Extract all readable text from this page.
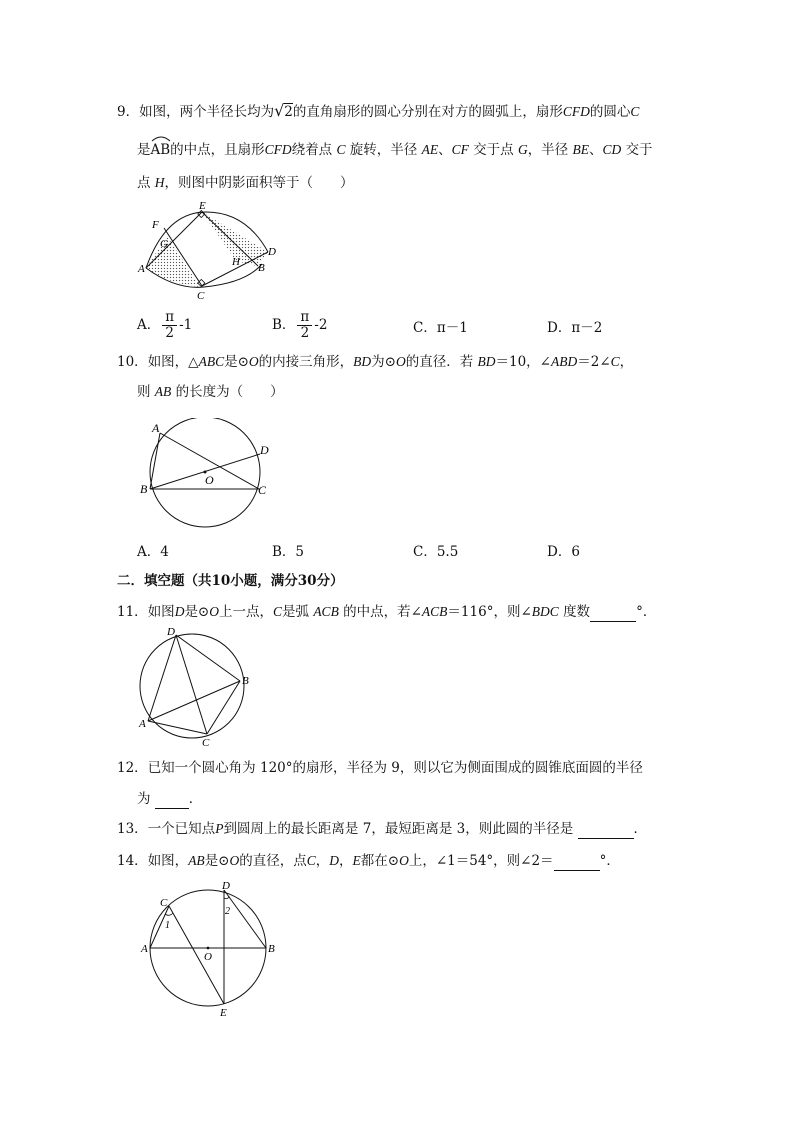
9．如图，两个半径长均为√2的直角扇形的圆心分别在对方的圆弧上，扇形CFD的圆心C
是
AB的中点，且扇形CFD绕着点 C 旋转，半径 AE、CF 交于点 G，半径 BE、CD 交于
点 H，则图中阴影面积等于（　　）
E
F
G
A
D
H B
C
A． $\frac{\pi}{2} -1$	B． $\frac{\pi}{2} -2$	C．π－1	D．π－2
10．如图，△ABC是⊙O的内接三角形，BD为⊙O的直径．若 BD＝10，∠ABD＝2∠C，
则 AB 的长度为（　　）
A
D
O
B	C
A．4	B．5	C．5.5	D．6
二．填空题（共10小题，满分30分）
11．如图D是⊙O上一点，C是弧 ACB 的中点，若∠ACB＝116°，则∠BDC 度数	°．
D
B
A
C
12．已知一个圆心角为 120°的扇形，半径为 9，则以它为侧面围成的圆锥底面圆的半径
为	．
13．一个已知点P到圆周上的最长距离是 7，最短距离是 3，则此圆的半径是	．
14．如图，AB是⊙O的直径，点C，D，E都在⊙O上，∠1＝54°，则∠2＝	°．
C
D
1
2
A
O
B
E
